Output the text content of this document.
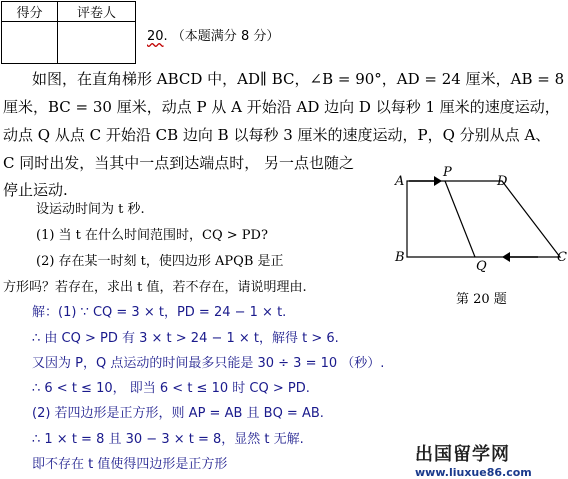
得分	评卷人

20. （本题满分 8 分）
如图，在直角梯形 ABCD 中，AD∥ BC，∠B = 90°，AD = 24 厘米，AB = 8
厘米，BC = 30 厘米，动点 P 从 A 开始沿 AD 边向 D 以每秒 1 厘米的速度运动，
动点 Q 从点 C 开始沿 CB 边向 B 以每秒 3 厘米的速度运动，P，Q 分别从点 A、
C 同时出发，当其中一点到达端点时， 另一点也随之
停止运动.
设运动时间为 t 秒.
(1) 当 t 在什么时间范围时，CQ > PD?
(2) 存在某一时刻 t，使四边形 APQB 是正
方形吗？若存在，求出 t 值，若不存在，请说明理由.
A
P
D
B
Q
C
第 20 题
解：(1) ∵ CQ = 3 × t，PD = 24 − 1 × t.
∴ 由 CQ > PD 有 3 × t > 24 − 1 × t，解得 t > 6.
又因为 P，Q 点运动的时间最多只能是 30 ÷ 3 = 10 （秒）.
∴ 6 < t ≤ 10， 即当 6 < t ≤ 10 时 CQ > PD.
(2) 若四边形是正方形，则 AP = AB 且 BQ = AB.
∴ 1 × t = 8 且 30 − 3 × t = 8，显然 t 无解.
即不存在 t 值使得四边形是正方形	出国留学网
www.liuxue86.com
